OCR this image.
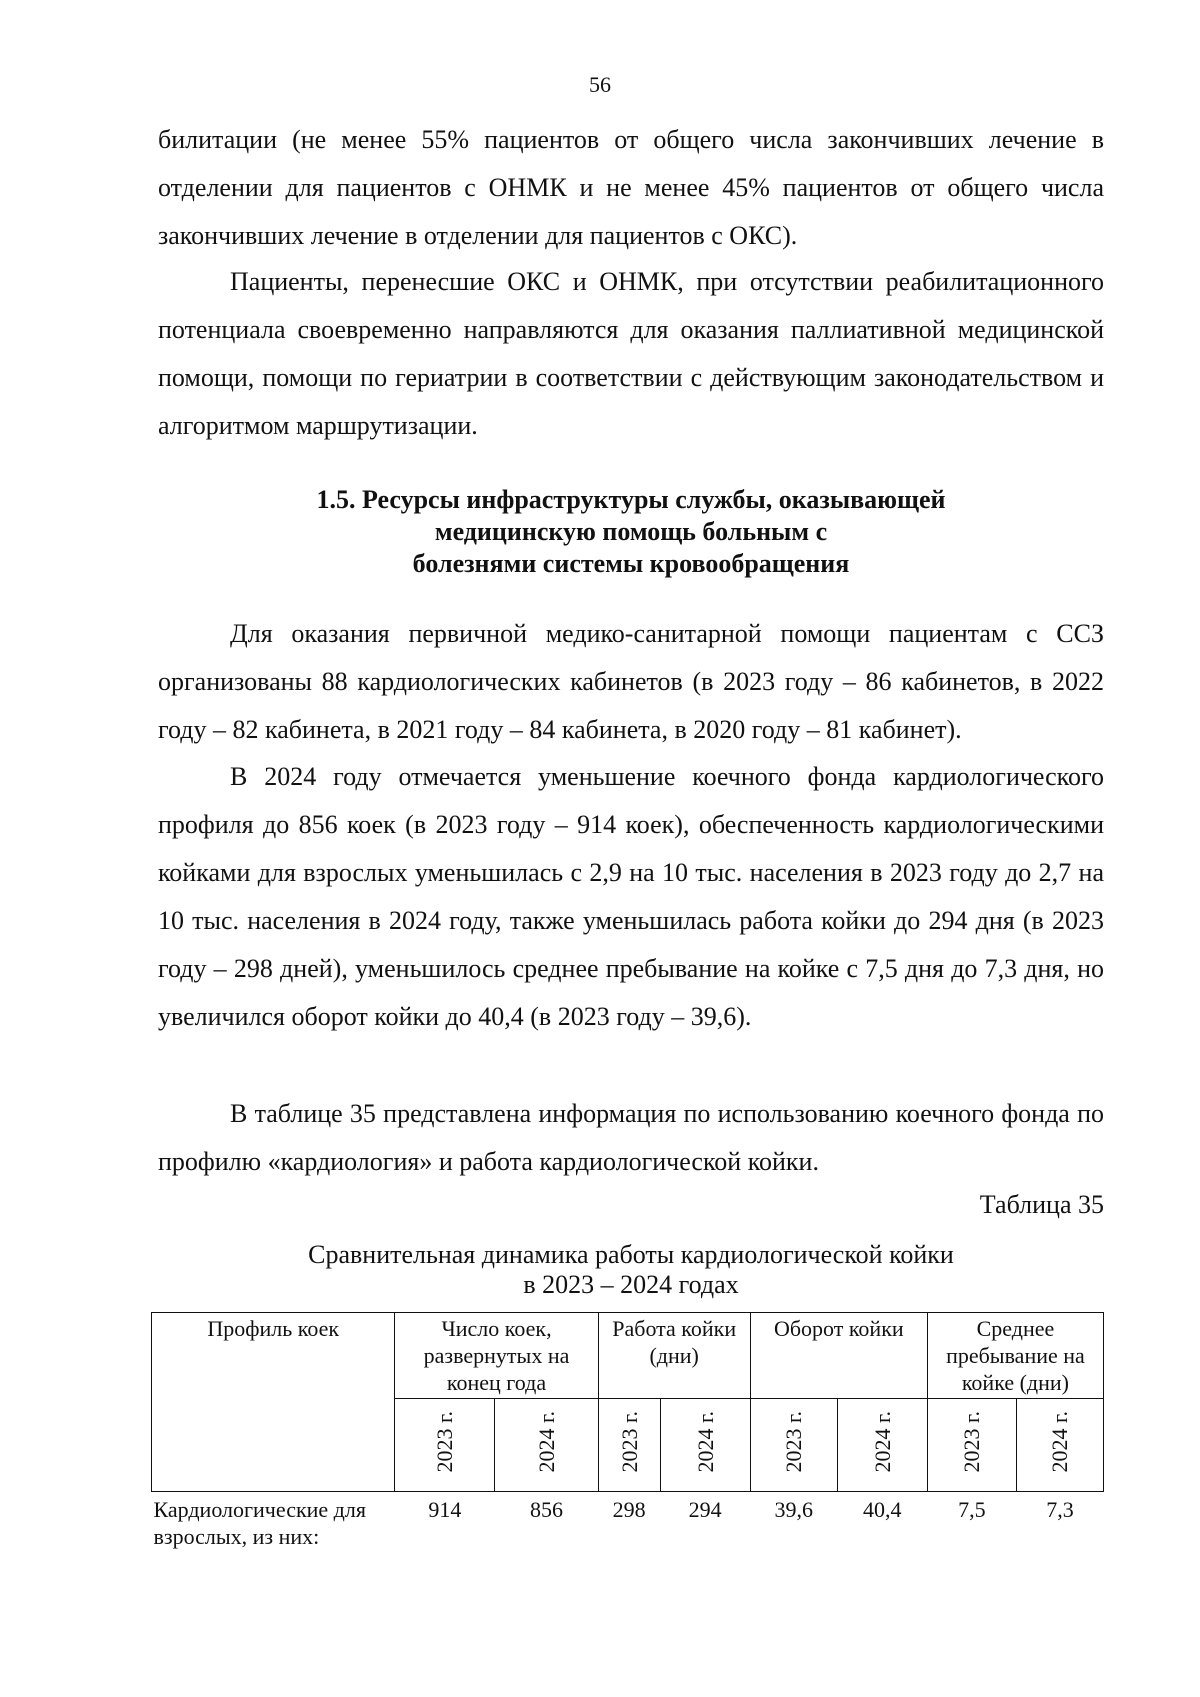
56

билитации (не менее 55% пациентов от общего числа закончивших лечение в отделении для пациентов с ОНМК и не менее 45% пациентов от общего числа закончивших лечение в отделении для пациентов с ОКС).

Пациенты, перенесшие ОКС и ОНМК, при отсутствии реабилитационного потенциала своевременно направляются для оказания паллиативной медицинской помощи, помощи по гериатрии в соответствии с действующим законодательством и алгоритмом маршрутизации.

1.5. Ресурсы инфраструктуры службы, оказывающей
медицинскую помощь больным с
болезнями системы кровообращения

Для оказания первичной медико-санитарной помощи пациентам с ССЗ организованы 88 кардиологических кабинетов (в 2023 году – 86 кабинетов, в 2022 году – 82 кабинета, в 2021 году – 84 кабинета, в 2020 году – 81 кабинет).

В 2024 году отмечается уменьшение коечного фонда кардиологического профиля до 856 коек (в 2023 году – 914 коек), обеспеченность кардиологическими койками для взрослых уменьшилась с 2,9 на 10 тыс. населения в 2023 году до 2,7 на 10 тыс. населения в 2024 году, также уменьшилась работа койки до 294 дня (в 2023 году – 298 дней), уменьшилось среднее пребывание на койке с 7,5 дня до 7,3 дня, но увеличился оборот койки до 40,4 (в 2023 году – 39,6).

В таблице 35 представлена информация по использованию коечного фонда по профилю «кардиология» и работа кардиологической койки.

Таблица 35
Сравнительная динамика работы кардиологической койки
в 2023 – 2024 годах
Профиль коек	Число коек, развернутых на конец года		Работа койки (дни)		Оборот койки		Среднее пребывание на койке (дни)	
	2023 г.	2024 г.	2023 г.	2024 г.	2023 г.	2024 г.	2023 г.	2024 г.
Кардиологические для взрослых, из них:	914	856	298	294	39,6	40,4	7,5	7,3
